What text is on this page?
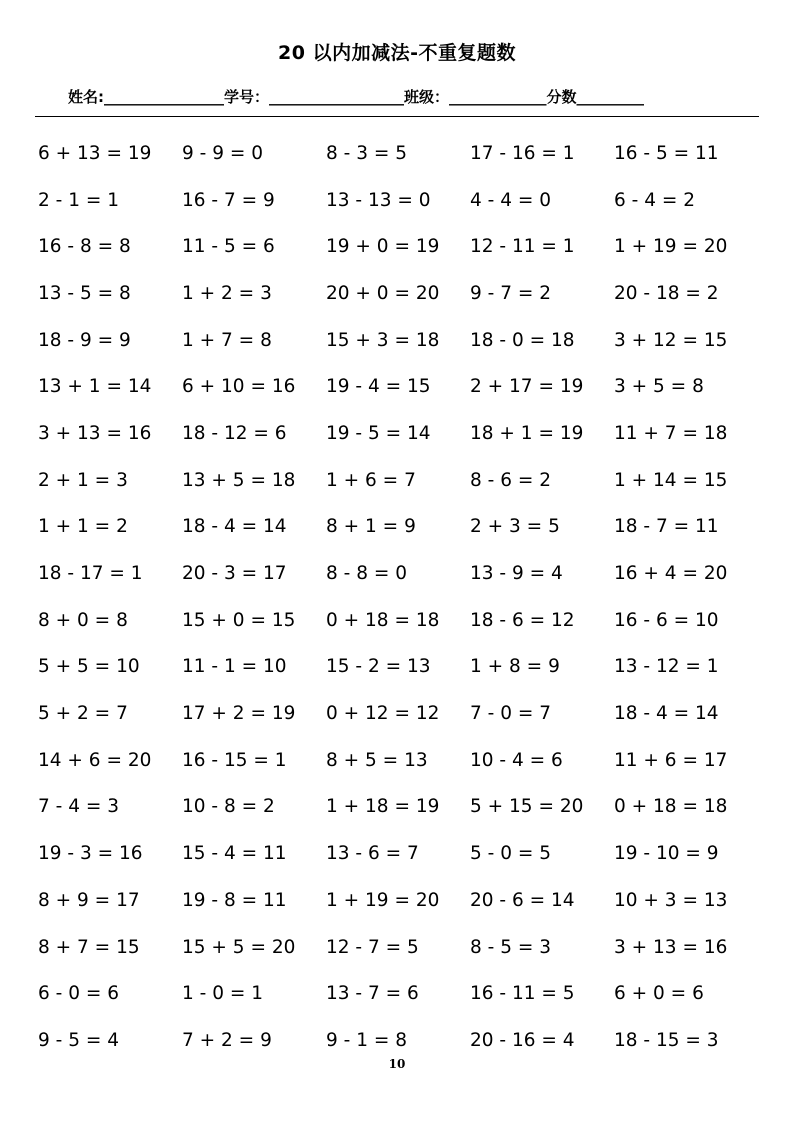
20 以内加减法-不重复题数
姓名:________________学号：__________________班级：_____________分数_________
6 + 13 = 19	9 - 9 = 0	8 - 3 = 5	17 - 16 = 1	16 - 5 = 11
2 - 1 = 1	16 - 7 = 9	13 - 13 = 0	4 - 4 = 0	6 - 4 = 2
16 - 8 = 8	11 - 5 = 6	19 + 0 = 19	12 - 11 = 1	1 + 19 = 20
13 - 5 = 8	1 + 2 = 3	20 + 0 = 20	9 - 7 = 2	20 - 18 = 2
18 - 9 = 9	1 + 7 = 8	15 + 3 = 18	18 - 0 = 18	3 + 12 = 15
13 + 1 = 14	6 + 10 = 16	19 - 4 = 15	2 + 17 = 19	3 + 5 = 8
3 + 13 = 16	18 - 12 = 6	19 - 5 = 14	18 + 1 = 19	11 + 7 = 18
2 + 1 = 3	13 + 5 = 18	1 + 6 = 7	8 - 6 = 2	1 + 14 = 15
1 + 1 = 2	18 - 4 = 14	8 + 1 = 9	2 + 3 = 5	18 - 7 = 11
18 - 17 = 1	20 - 3 = 17	8 - 8 = 0	13 - 9 = 4	16 + 4 = 20
8 + 0 = 8	15 + 0 = 15	0 + 18 = 18	18 - 6 = 12	16 - 6 = 10
5 + 5 = 10	11 - 1 = 10	15 - 2 = 13	1 + 8 = 9	13 - 12 = 1
5 + 2 = 7	17 + 2 = 19	0 + 12 = 12	7 - 0 = 7	18 - 4 = 14
14 + 6 = 20	16 - 15 = 1	8 + 5 = 13	10 - 4 = 6	11 + 6 = 17
7 - 4 = 3	10 - 8 = 2	1 + 18 = 19	5 + 15 = 20	0 + 18 = 18
19 - 3 = 16	15 - 4 = 11	13 - 6 = 7	5 - 0 = 5	19 - 10 = 9
8 + 9 = 17	19 - 8 = 11	1 + 19 = 20	20 - 6 = 14	10 + 3 = 13
8 + 7 = 15	15 + 5 = 20	12 - 7 = 5	8 - 5 = 3	3 + 13 = 16
6 - 0 = 6	1 - 0 = 1	13 - 7 = 6	16 - 11 = 5	6 + 0 = 6
9 - 5 = 4	7 + 2 = 9	9 - 1 = 8	20 - 16 = 4	18 - 15 = 3
10
